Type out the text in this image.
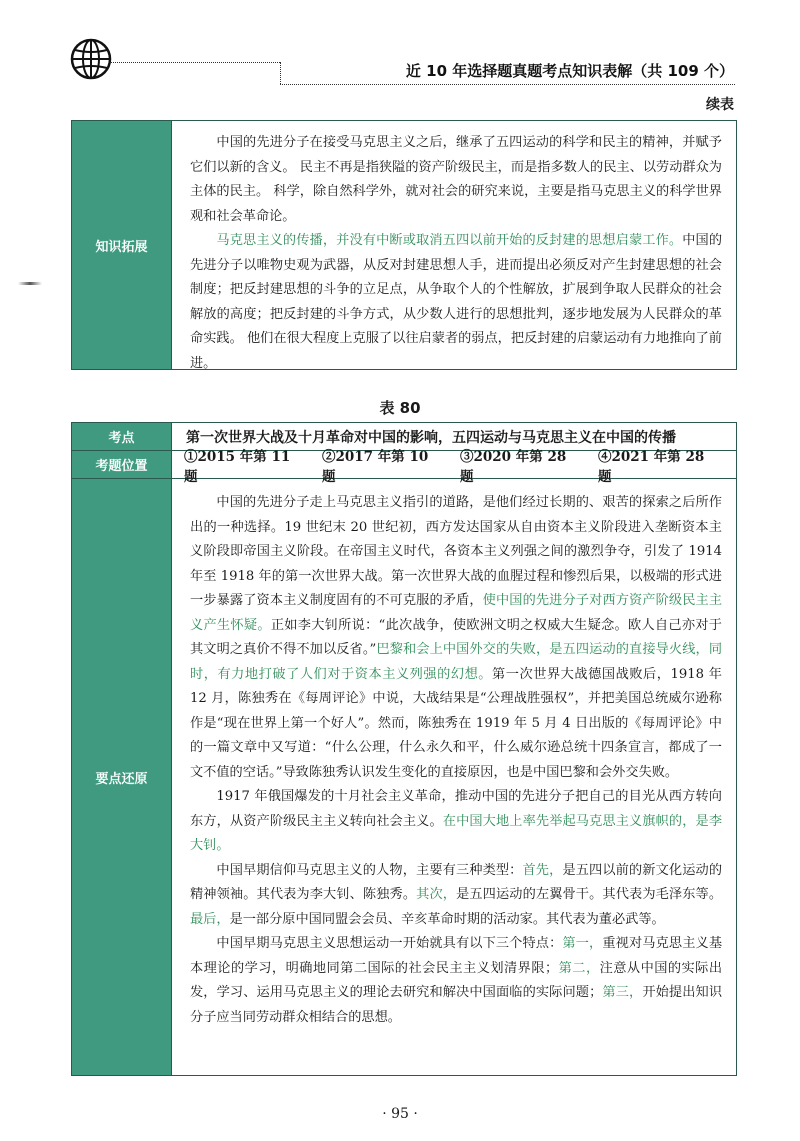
近 10 年选择题真题考点知识表解（共 109 个）
续表
知识拓展

中国的先进分子在接受马克思主义之后，继承了五四运动的科学和民主的精神，并赋予它们以新的含义。 民主不再是指狭隘的资产阶级民主，而是指多数人的民主、以劳动群众为主体的民主。 科学，除自然科学外，就对社会的研究来说，主要是指马克思主义的科学世界观和社会革命论。

马克思主义的传播，并没有中断或取消五四以前开始的反封建的思想启蒙工作。中国的先进分子以唯物史观为武器，从反对封建思想人手，进而提出必须反对产生封建思想的社会制度；把反封建思想的斗争的立足点，从争取个人的个性解放，扩展到争取人民群众的社会解放的高度；把反封建的斗争方式，从少数人进行的思想批判，逐步地发展为人民群众的革命实践。 他们在很大程度上克服了以往启蒙者的弱点，把反封建的启蒙运动有力地推向了前进。

表 80
考点	第一次世界大战及十月革命对中国的影响，五四运动与马克思主义在中国的传播
考题位置
①2015 年第 11 题
②2017 年第 10 题
③2020 年第 28 题
④2021 年第 28 题
要点还原

中国的先进分子走上马克思主义指引的道路，是他们经过长期的、艰苦的探索之后所作出的一种选择。19 世纪末 20 世纪初，西方发达国家从自由资本主义阶段进入垄断资本主义阶段即帝国主义阶段。在帝国主义时代，各资本主义列强之间的激烈争夺，引发了 1914 年至 1918 年的第一次世界大战。第一次世界大战的血腥过程和惨烈后果，以极端的形式进一步暴露了资本主义制度固有的不可克服的矛盾，使中国的先进分子对西方资产阶级民主主义产生怀疑。正如李大钊所说：“此次战争，使欧洲文明之权威大生疑念。欧人自己亦对于其文明之真价不得不加以反省。”巴黎和会上中国外交的失败，是五四运动的直接导火线，同时，有力地打破了人们对于资本主义列强的幻想。第一次世界大战德国战败后，1918 年 12 月，陈独秀在《每周评论》中说，大战结果是“公理战胜强权”，并把美国总统威尔逊称作是“现在世界上第一个好人”。然而，陈独秀在 1919 年 5 月 4 日出版的《每周评论》中的一篇文章中又写道：“什么公理，什么永久和平，什么威尔逊总统十四条宣言，都成了一文不值的空话。”导致陈独秀认识发生变化的直接原因，也是中国巴黎和会外交失败。

1917 年俄国爆发的十月社会主义革命，推动中国的先进分子把自己的目光从西方转向东方，从资产阶级民主主义转向社会主义。在中国大地上率先举起马克思主义旗帜的，是李大钊。

中国早期信仰马克思主义的人物，主要有三种类型：首先，是五四以前的新文化运动的精神领袖。其代表为李大钊、陈独秀。其次，是五四运动的左翼骨干。其代表为毛泽东等。最后，是一部分原中国同盟会会员、辛亥革命时期的活动家。其代表为董必武等。

中国早期马克思主义思想运动一开始就具有以下三个特点：第一，重视对马克思主义基本理论的学习，明确地同第二国际的社会民主主义划清界限；第二，注意从中国的实际出发，学习、运用马克思主义的理论去研究和解决中国面临的实际问题；第三，开始提出知识分子应当同劳动群众相结合的思想。

· 95 ·
